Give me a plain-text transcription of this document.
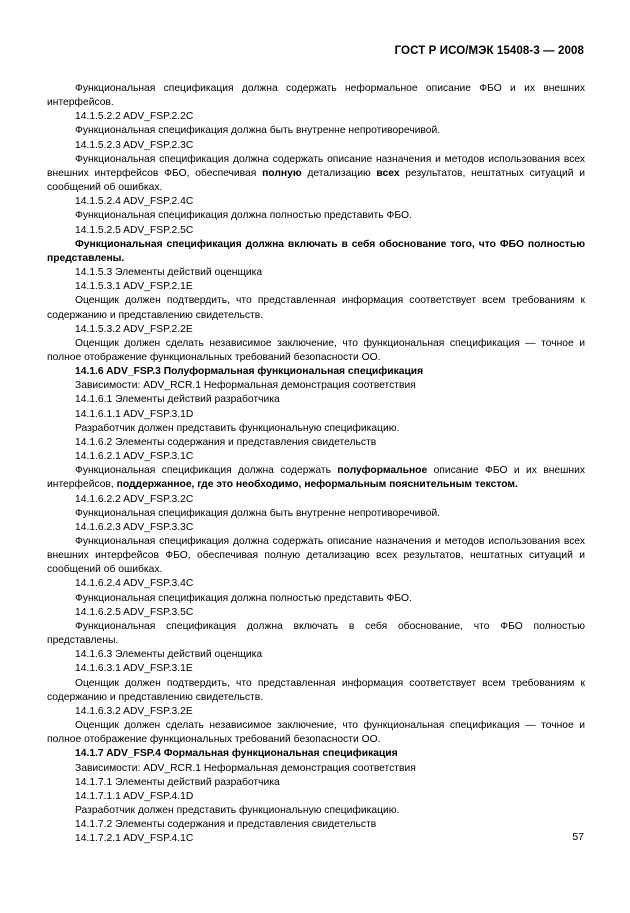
ГОСТ Р ИСО/МЭК 15408-3 — 2008

Функциональная спецификация должна содержать неформальное описание ФБО и их внешних интерфейсов.

14.1.5.2.2 ADV_FSP.2.2C

Функциональная спецификация должна быть внутренне непротиворечивой.

14.1.5.2.3 ADV_FSP.2.3C

Функциональная спецификация должна содержать описание назначения и методов использования всех внешних интерфейсов ФБО, обеспечивая полную детализацию всех результатов, нештатных ситуаций и сообщений об ошибках.

14.1.5.2.4 ADV_FSP.2.4C

Функциональная спецификация должна полностью представить ФБО.

14.1.5.2.5 ADV_FSP.2.5C

Функциональная спецификация должна включать в себя обоснование того, что ФБО полностью представлены.

14.1.5.3 Элементы действий оценщика

14.1.5.3.1 ADV_FSP.2.1E

Оценщик должен подтвердить, что представленная информация соответствует всем требованиям к содержанию и представлению свидетельств.

14.1.5.3.2 ADV_FSP.2.2E

Оценщик должен сделать независимое заключение, что функциональная спецификация — точное и полное отображение функциональных требований безопасности ОО.

14.1.6 ADV_FSP.3 Полуформальная функциональная спецификация

Зависимости: ADV_RCR.1 Неформальная демонстрация соответствия

14.1.6.1 Элементы действий разработчика

14.1.6.1.1 ADV_FSP.3.1D

Разработчик должен представить функциональную спецификацию.

14.1.6.2 Элементы содержания и представления свидетельств

14.1.6.2.1 ADV_FSP.3.1C

Функциональная спецификация должна содержать полуформальное описание ФБО и их внешних интерфейсов, поддержанное, где это необходимо, неформальным пояснительным текстом.

14.1.6.2.2 ADV_FSP.3.2C

Функциональная спецификация должна быть внутренне непротиворечивой.

14.1.6.2.3 ADV_FSP.3.3C

Функциональная спецификация должна содержать описание назначения и методов использования всех внешних интерфейсов ФБО, обеспечивая полную детализацию всех результатов, нештатных ситуаций и сообщений об ошибках.

14.1.6.2.4 ADV_FSP.3.4C

Функциональная спецификация должна полностью представить ФБО.

14.1.6.2.5 ADV_FSP.3.5C

Функциональная спецификация должна включать в себя обоснование, что ФБО полностью представлены.

14.1.6.3 Элементы действий оценщика

14.1.6.3.1 ADV_FSP.3.1E

Оценщик должен подтвердить, что представленная информация соответствует всем требованиям к содержанию и представлению свидетельств.

14.1.6.3.2 ADV_FSP.3.2E

Оценщик должен сделать независимое заключение, что функциональная спецификация — точное и полное отображение функциональных требований безопасности ОО.

14.1.7 ADV_FSP.4 Формальная функциональная спецификация

Зависимости: ADV_RCR.1 Неформальная демонстрация соответствия

14.1.7.1 Элементы действий разработчика

14.1.7.1.1 ADV_FSP.4.1D

Разработчик должен представить функциональную спецификацию.

14.1.7.2 Элементы содержания и представления свидетельств

14.1.7.2.1 ADV_FSP.4.1C	57
